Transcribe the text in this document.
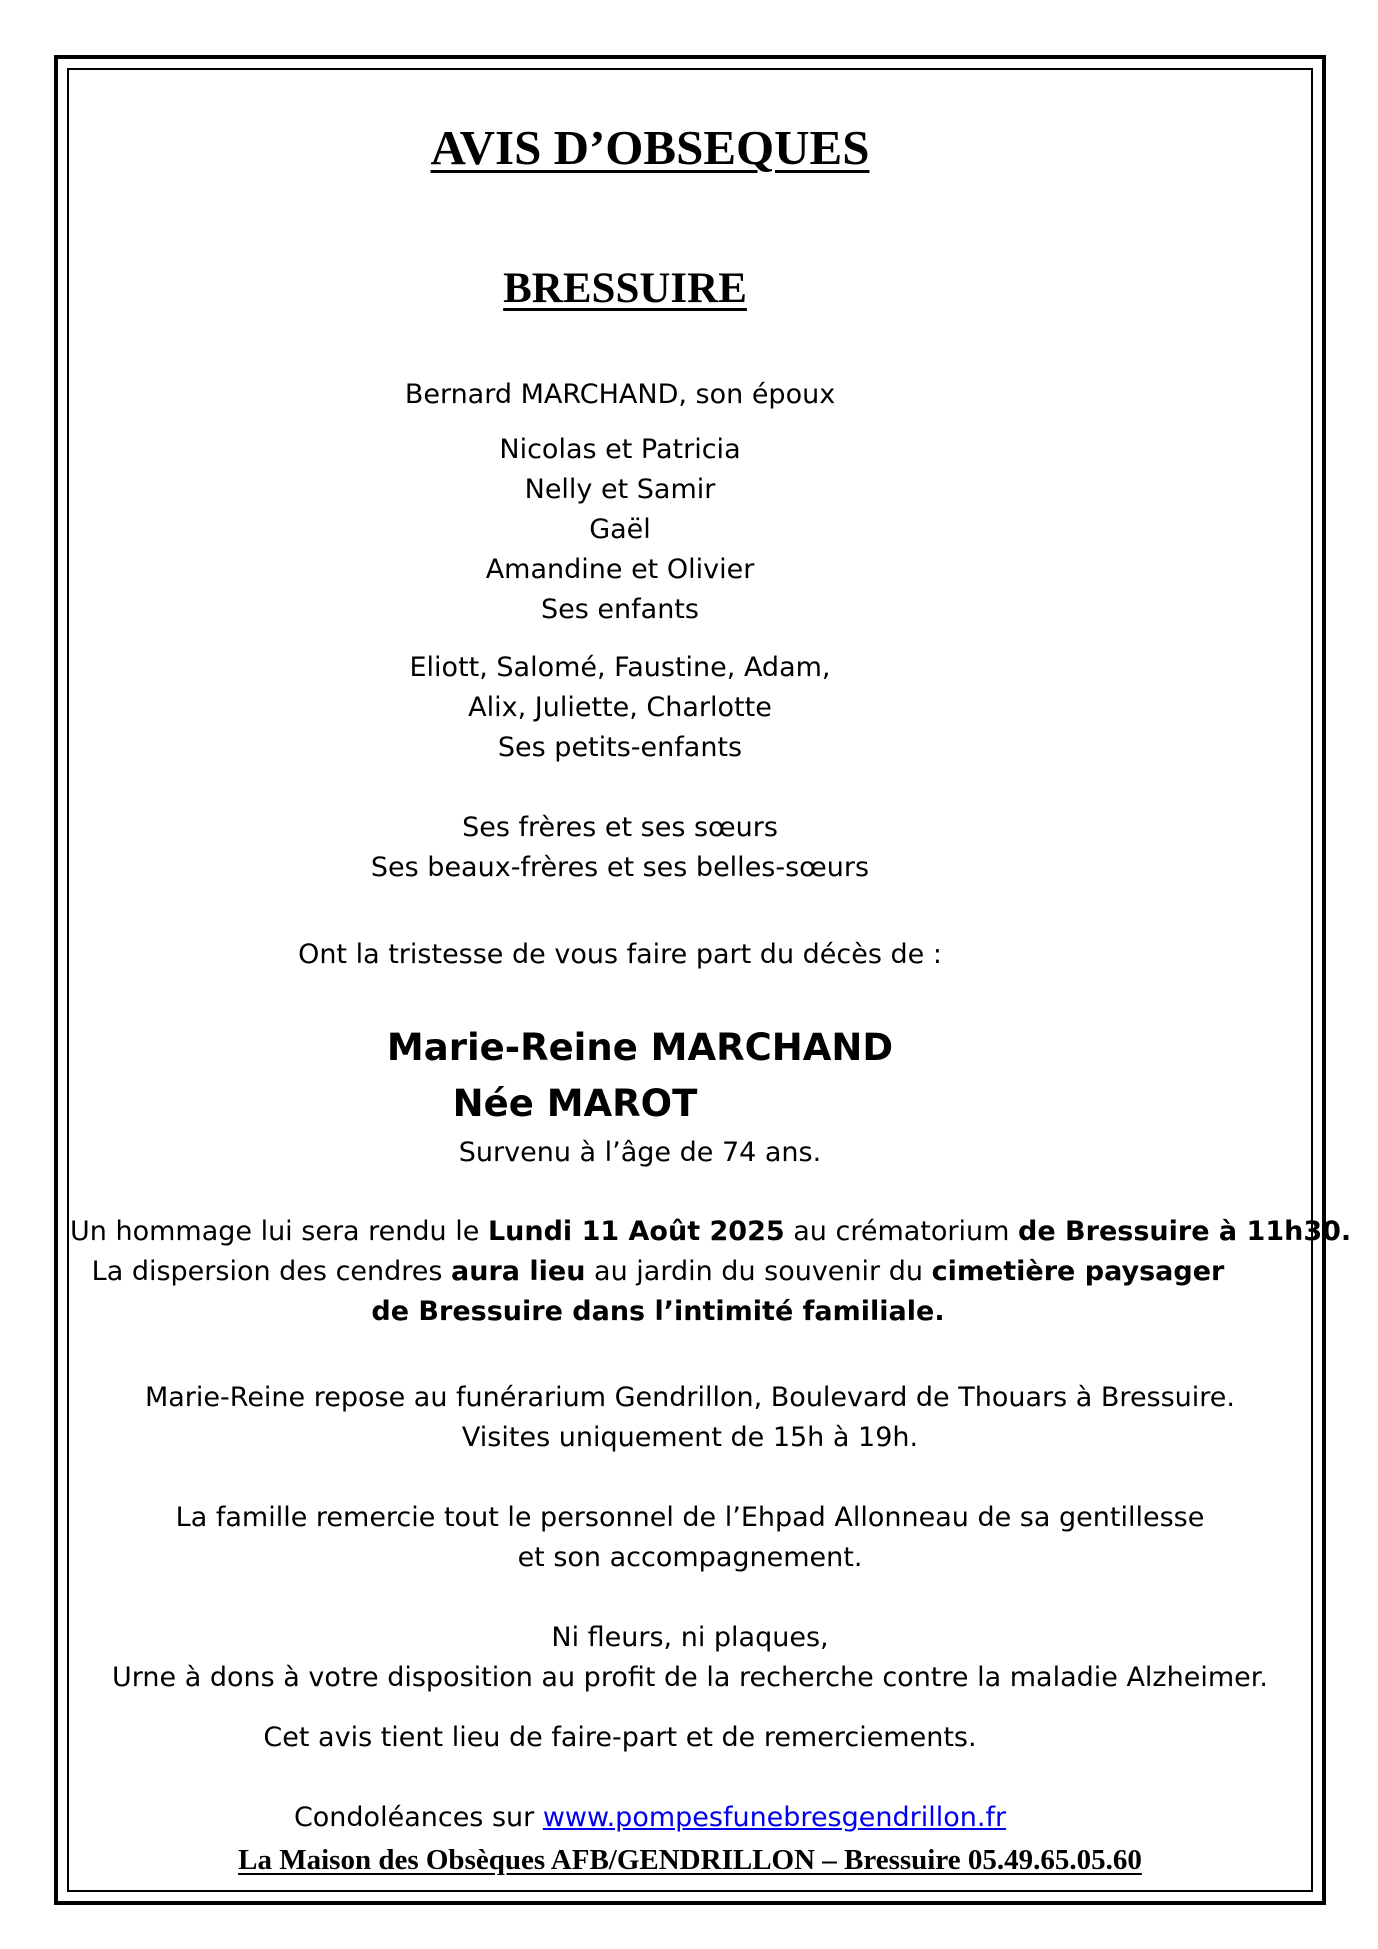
AVIS D’OBSEQUES
BRESSUIRE
Bernard MARCHAND, son époux
Nicolas et Patricia
Nelly et Samir
Gaël
Amandine et Olivier
Ses enfants
Eliott, Salomé, Faustine, Adam,
Alix, Juliette, Charlotte
Ses petits-enfants
Ses frères et ses sœurs
Ses beaux-frères et ses belles-sœurs
Ont la tristesse de vous faire part du décès de :
Marie-Reine MARCHAND
Née MAROT
Survenu à l’âge de 74 ans.
Un hommage lui sera rendu le Lundi 11 Août 2025 au crématorium de Bressuire à 11h30.
La dispersion des cendres aura lieu au jardin du souvenir du cimetière paysager
de Bressuire dans l’intimité familiale.
Marie-Reine repose au funérarium Gendrillon, Boulevard de Thouars à Bressuire.
Visites uniquement de 15h à 19h.
La famille remercie tout le personnel de l’Ehpad Allonneau de sa gentillesse
et son accompagnement.
Ni fleurs, ni plaques,
Urne à dons à votre disposition au profit de la recherche contre la maladie Alzheimer.
Cet avis tient lieu de faire-part et de remerciements.
Condoléances sur www.pompesfunebresgendrillon.fr
La Maison des Obsèques AFB/GENDRILLON – Bressuire 05.49.65.05.60
